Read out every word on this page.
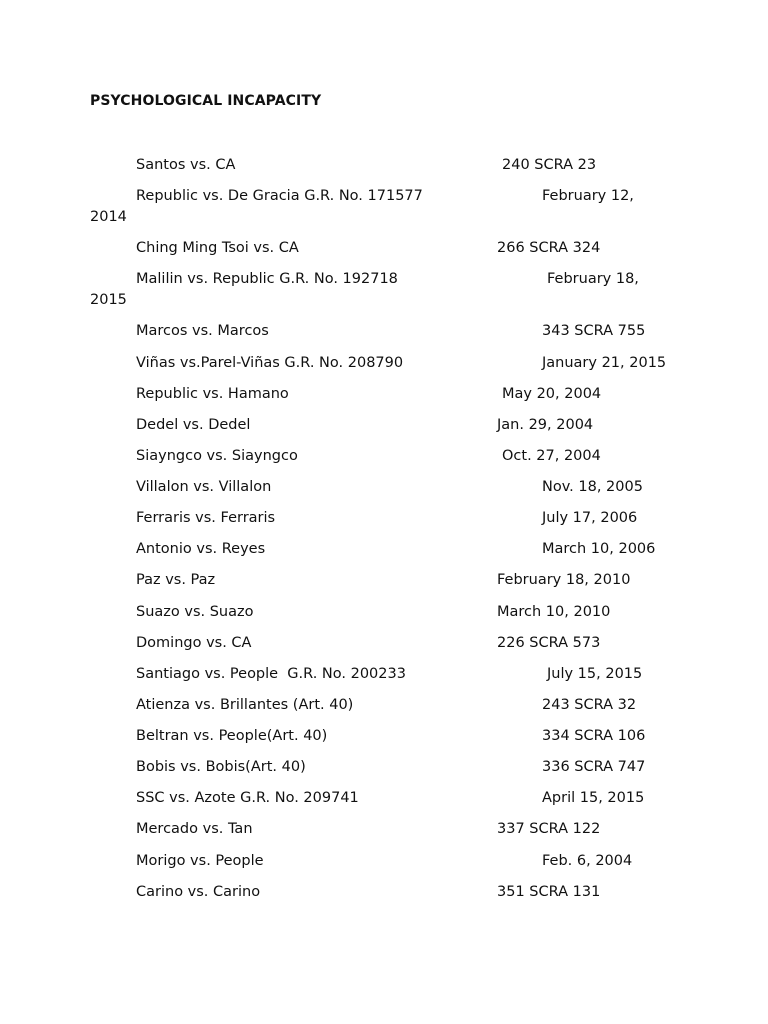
PSYCHOLOGICAL INCAPACITY
Santos vs. CA	240 SCRA 23
Republic vs. De Gracia G.R. No. 171577	February 12,
2014
Ching Ming Tsoi vs. CA	266 SCRA 324
Malilin vs. Republic G.R. No. 192718	February 18,
2015
Marcos vs. Marcos	343 SCRA 755
Viñas vs.Parel-Viñas G.R. No. 208790	January 21, 2015
Republic vs. Hamano	May 20, 2004
Dedel vs. Dedel	Jan. 29, 2004
Siayngco vs. Siayngco	Oct. 27, 2004
Villalon vs. Villalon	Nov. 18, 2005
Ferraris vs. Ferraris	July 17, 2006
Antonio vs. Reyes	March 10, 2006
Paz vs. Paz	February 18, 2010
Suazo vs. Suazo	March 10, 2010
Domingo vs. CA	226 SCRA 573
Santiago vs. People  G.R. No. 200233	July 15, 2015
Atienza vs. Brillantes (Art. 40)	243 SCRA 32
Beltran vs. People(Art. 40)	334 SCRA 106
Bobis vs. Bobis(Art. 40)	336 SCRA 747
SSC vs. Azote G.R. No. 209741	April 15, 2015
Mercado vs. Tan	337 SCRA 122
Morigo vs. People	Feb. 6, 2004
Carino vs. Carino	351 SCRA 131
